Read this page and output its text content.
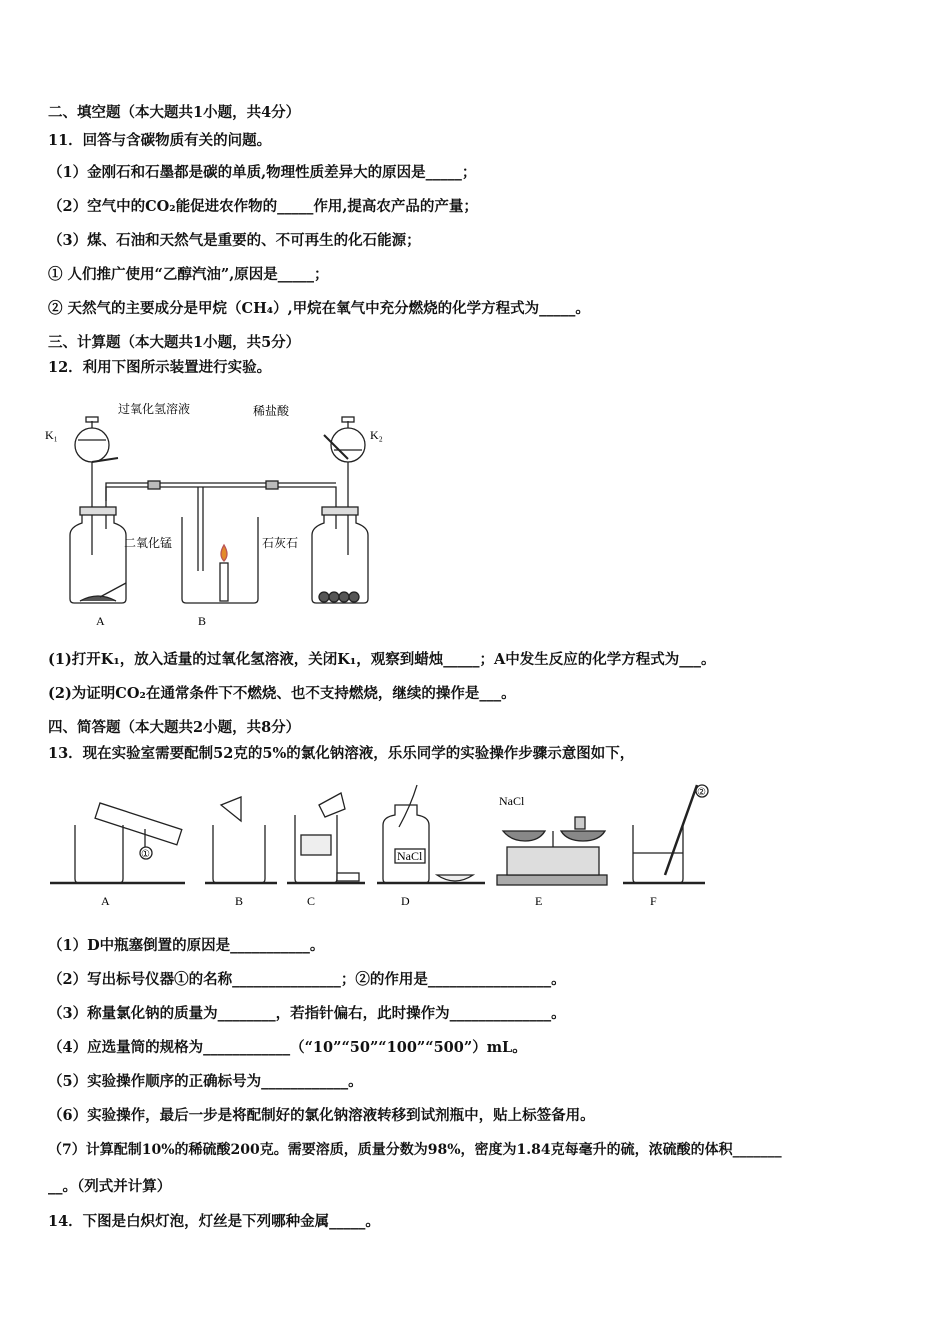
二、填空题（本大题共1小题，共4分）
11．回答与含碳物质有关的问题。
（1）金刚石和石墨都是碳的单质,物理性质差异大的原因是_____；
（2）空气中的CO₂能促进农作物的_____作用,提高农产品的产量；
（3）煤、石油和天然气是重要的、不可再生的化石能源；
① 人们推广使用“乙醇汽油”,原因是_____；
② 天然气的主要成分是甲烷（CH₄）,甲烷在氧气中充分燃烧的化学方程式为_____。
三、计算题（本大题共1小题，共5分）
12．利用下图所示装置进行实验。
过氧化氢溶液	稀盐酸
K₁	K₂
二氧化锰	石灰石
A	B
(1)打开K₁，放入适量的过氧化氢溶液，关闭K₁，观察到蜡烛_____；A中发生反应的化学方程式为___。
(2)为证明CO₂在通常条件下不燃烧、也不支持燃烧，继续的操作是___。
四、简答题（本大题共2小题，共8分）
13．现在实验室需要配制52克的5%的氯化钠溶液，乐乐同学的实验操作步骤示意图如下，
NaCl
NaCl
①
②
A	B	C	D	E	F
（1）D中瓶塞倒置的原因是___________。
（2）写出标号仪器①的名称_______________；②的作用是_________________。
（3）称量氯化钠的质量为________，若指针偏右，此时操作为______________。
（4）应选量筒的规格为____________（“10”“50”“100”“500”）mL。
（5）实验操作顺序的正确标号为____________。
（6）实验操作，最后一步是将配制好的氯化钠溶液转移到试剂瓶中，贴上标签备用。
（7）计算配制10%的稀硫酸200克。需要溶质，质量分数为98%，密度为1.84克每毫升的硫，浓硫酸的体积_______
__。（列式并计算）
14．下图是白炽灯泡，灯丝是下列哪种金属_____。
